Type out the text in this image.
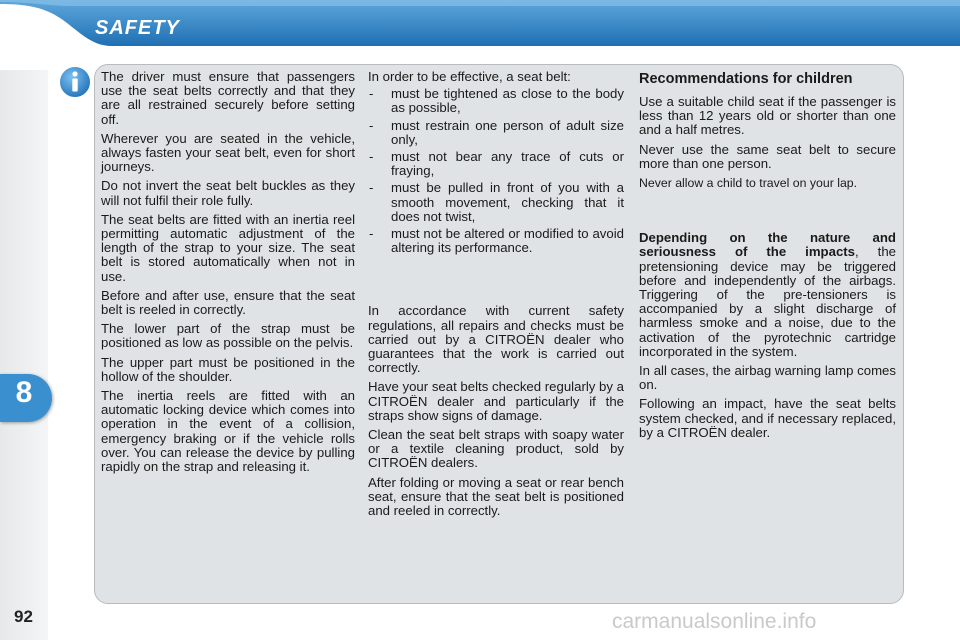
SAFETY
8
92

The driver must ensure that passengers use the seat belts correctly and that they are all restrained securely before setting off.

Wherever you are seated in the vehicle, always fasten your seat belt, even for short journeys.

Do not invert the seat belt buckles as they will not fulfil their role fully.

The seat belts are fitted with an inertia reel permitting automatic adjustment of the length of the strap to your size. The seat belt is stored automatically when not in use.

Before and after use, ensure that the seat belt is reeled in correctly.

The lower part of the strap must be positioned as low as possible on the pelvis.

The upper part must be positioned in the hollow of the shoulder.

The inertia reels are fitted with an automatic locking device which comes into operation in the event of a collision, emergency braking or if the vehicle rolls over. You can release the device by pulling rapidly on the strap and releasing it.

In order to be effective, a seat belt:

- must be tightened as close to the body as possible,
- must restrain one person of adult size only,
- must not bear any trace of cuts or fraying,
- must be pulled in front of you with a smooth movement, checking that it does not twist,
- must not be altered or modified to avoid altering its performance.

In accordance with current safety regulations, all repairs and checks must be carried out by a CITROËN dealer who guarantees that the work is carried out correctly.

Have your seat belts checked regularly by a CITROËN dealer and particularly if the straps show signs of damage.

Clean the seat belt straps with soapy water or a textile cleaning product, sold by CITROËN dealers.

After folding or moving a seat or rear bench seat, ensure that the seat belt is positioned and reeled in correctly.

Recommendations for children

Use a suitable child seat if the passenger is less than 12 years old or shorter than one and a half metres.

Never use the same seat belt to secure more than one person.

Never allow a child to travel on your lap.

Depending on the nature and seriousness of the impacts, the pretensioning device may be triggered before and independently of the airbags. Triggering of the pre-tensioners is accompanied by a slight discharge of harmless smoke and a noise, due to the activation of the pyrotechnic cartridge incorporated in the system.

In all cases, the airbag warning lamp comes on.

Following an impact, have the seat belts system checked, and if necessary replaced, by a CITROËN dealer.

carmanualsonline.info
